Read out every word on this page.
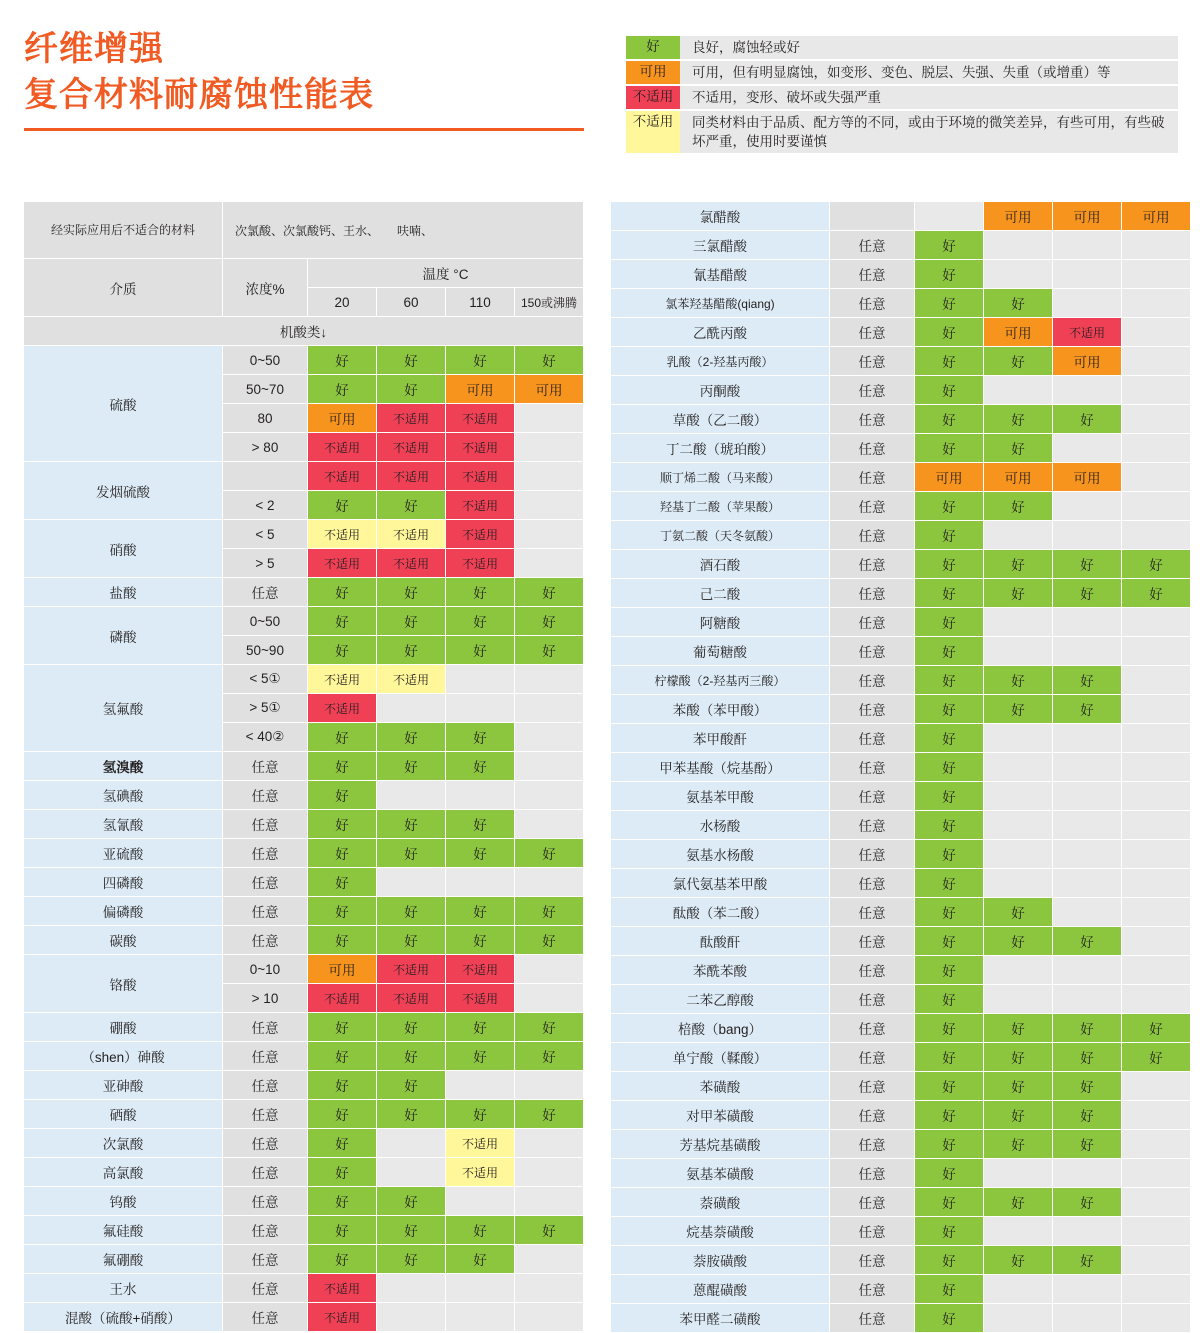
纤维增强
复合材料耐腐蚀性能表
好	良好，腐蚀轻或好
可用	可用，但有明显腐蚀，如变形、变色、脱层、失强、失重（或增重）等
不适用	不适用，变形、破坏或失强严重
不适用	同类材料由于品质、配方等的不同，或由于环境的微笑差异，有些可用，有些破坏严重，使用时要谨慎
经实际应用后不适合的材料	次氯酸、次氯酸钙、王水、　　呋喃、				
介质	浓度%	温度 °C			
		20	60	110	150或沸腾
机酸类↓					
硫酸	0~50	好	好	好	好
	50~70	好	好	可用	可用
	80	可用	不适用	不适用	
	> 80	不适用	不适用	不适用	
发烟硫酸		不适用	不适用	不适用	
	< 2	好	好	不适用	
硝酸	< 5	不适用	不适用	不适用	
	> 5	不适用	不适用	不适用	
盐酸	任意	好	好	好	好
磷酸	0~50	好	好	好	好
	50~90	好	好	好	好
氢氟酸	< 5①	不适用	不适用		
	> 5①	不适用			
	< 40②	好	好	好	
氢溴酸	任意	好	好	好	
氢碘酸	任意	好			
氢氰酸	任意	好	好	好	
亚硫酸	任意	好	好	好	好
四磷酸	任意	好			
偏磷酸	任意	好	好	好	好
碳酸	任意	好	好	好	好
铬酸	0~10	可用	不适用	不适用	
	> 10	不适用	不适用	不适用	
硼酸	任意	好	好	好	好
（shen）砷酸	任意	好	好	好	好
亚砷酸	任意	好	好		
硒酸	任意	好	好	好	好
次氯酸	任意	好		不适用	
高氯酸	任意	好		不适用	
钨酸	任意	好	好		
氟硅酸	任意	好	好	好	好
氟硼酸	任意	好	好	好	
王水	任意	不适用			
混酸（硫酸+硝酸）	任意	不适用			
氯醋酸			可用	可用	可用
三氯醋酸	任意	好			
氰基醋酸	任意	好			
氯苯羟基醋酸(qiang)	任意	好	好		
乙酰丙酸	任意	好	可用	不适用	
乳酸（2-羟基丙酸）	任意	好	好	可用	
丙酮酸	任意	好			
草酸（乙二酸）	任意	好	好	好	
丁二酸（琥珀酸）	任意	好	好		
顺丁烯二酸（马来酸）	任意	可用	可用	可用	
羟基丁二酸（苹果酸）	任意	好	好		
丁氨二酸（天冬氨酸）	任意	好			
酒石酸	任意	好	好	好	好
己二酸	任意	好	好	好	好
阿糖酸	任意	好			
葡萄糖酸	任意	好			
柠檬酸（2-羟基丙三酸）	任意	好	好	好	
苯酸（苯甲酸）	任意	好	好	好	
苯甲酸酐	任意	好			
甲苯基酸（烷基酚）	任意	好			
氨基苯甲酸	任意	好			
水杨酸	任意	好			
氨基水杨酸	任意	好			
氯代氨基苯甲酸	任意	好			
酞酸（苯二酸）	任意	好	好		
酞酸酐	任意	好	好	好	
苯酰苯酸	任意	好			
二苯乙醇酸	任意	好			
棓酸（bang）	任意	好	好	好	好
单宁酸（鞣酸）	任意	好	好	好	好
苯磺酸	任意	好	好	好	
对甲苯磺酸	任意	好	好	好	
芳基烷基磺酸	任意	好	好	好	
氨基苯磺酸	任意	好			
萘磺酸	任意	好	好	好	
烷基萘磺酸	任意	好			
萘胺磺酸	任意	好	好	好	
蒽醌磺酸	任意	好			
苯甲醛二磺酸	任意	好			
